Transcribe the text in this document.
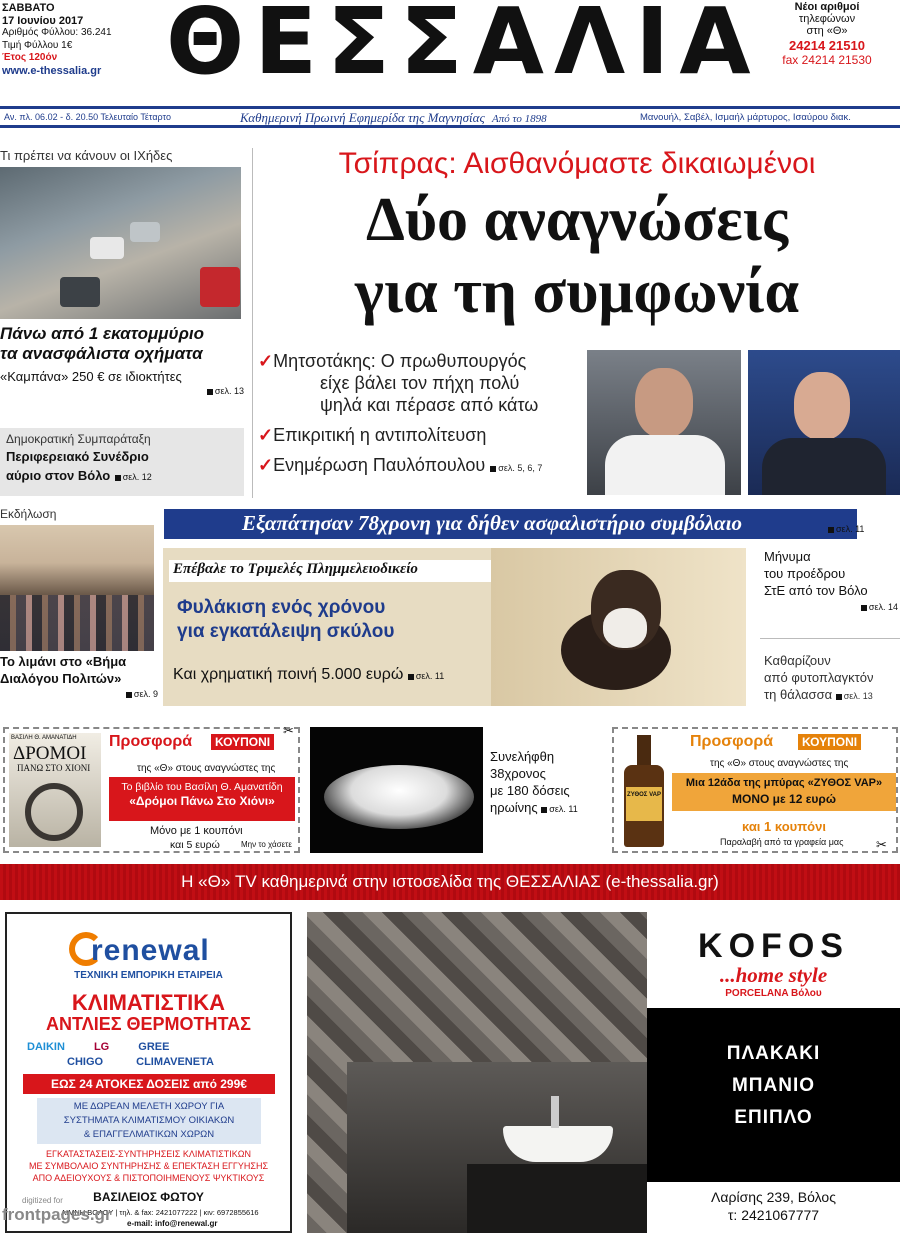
ΣΑΒΒΑΤΟ
17 Ιουνίου 2017
Αριθμός Φύλλου: 36.241
Τιμή Φύλλου 1€
Έτος 120όν
www.e-thessalia.gr ΘΕΣΣΑΛΙΑ	Νέοι αριθμοί
τηλεφώνων
στη «Θ»
24214 21510
fax 24214 21530
Αν. πλ. 06.02 - δ. 20.50 Τελευταίο Τέταρτο	Καθημερινή Πρωινή Εφημερίδα της Μαγνησίας Από το 1898	Μανουήλ, Σαβέλ, Ισμαήλ μάρτυρος, Ισαύρου διακ.
Τι πρέπει να κάνουν οι ΙΧήδες
Πάνω από 1 εκατομμύριο
τα ανασφάλιστα οχήματα
«Καμπάνα» 250 € σε ιδιοκτήτες
σελ. 13
Δημοκρατική Συμπαράταξη
Περιφερειακό Συνέδριο
αύριο στον Βόλο σελ. 12
Τσίπρας: Αισθανόμαστε δικαιωμένοι
Δύο αναγνώσεις
για τη συμφωνία
✓Μητσοτάκης: Ο πρωθυπουργός
είχε βάλει τον πήχη πολύ
ψηλά και πέρασε από κάτω
✓Επικριτική η αντιπολίτευση
✓Ενημέρωση Παυλόπουλου σελ. 5, 6, 7
Εκδήλωση
Το λιμάνι στο «Βήμα
Διαλόγου Πολιτών»
σελ. 9
Εξαπάτησαν 78χρονη για δήθεν ασφαλιστήριο συμβόλαιο	σελ. 11
Επέβαλε το Τριμελές Πλημμελειοδικείο
Φυλάκιση ενός χρόνου
για εγκατάλειψη σκύλου
Και χρηματική ποινή 5.000 ευρώ σελ. 11
Μήνυμα
του προέδρου
ΣτΕ από τον Βόλο
σελ. 14
Καθαρίζουν
από φυτοπλαγκτόν
τη θάλασσα σελ. 13
✂
ΒΑΣΙΛΗ Θ. ΑΜΑΝΑΤΙΔΗ
ΔΡΟΜΟΙ
ΠΑΝΩ ΣΤΟ ΧΙΟΝΙ
Προσφορά	ΚΟΥΠΟΝΙ
της «Θ» στους αναγνώστες της
Το βιβλίο του Βασίλη Θ. Αμανατίδη
«Δρόμοι Πάνω Στο Χιόνι»
Μόνο με 1 κουπόνι
και 5 ευρώ	Μην το χάσετε
Συνελήφθη
38χρονος
με 180 δόσεις
ηρωίνης σελ. 11
ΖΥΘΟΣ VAP
Προσφορά	ΚΟΥΠΟΝΙ
της «Θ» στους αναγνώστες της
Μια 12άδα της μπύρας «ΖΥΘΟΣ VAP»
ΜΟΝΟ με 12 ευρώ
και 1 κουπόνι
Παραλαβή από τα γραφεία μας	✂
Η «Θ» TV καθημερινά στην ιστοσελίδα της ΘΕΣΣΑΛΙΑΣ (e-thessalia.gr)
renewal
ΤΕΧΝΙΚΗ ΕΜΠΟΡΙΚΗ ΕΤΑΙΡΕΙΑ
ΚΛΙΜΑΤΙΣΤΙΚΑ
ΑΝΤΛΙΕΣ ΘΕΡΜΟΤΗΤΑΣ
DAIKIN	LG	GREE
CHIGO	CLIMAVENETA
ΕΩΣ 24 ΑΤΟΚΕΣ ΔΟΣΕΙΣ από 299€
ΜΕ ΔΩΡΕΑΝ ΜΕΛΕΤΗ ΧΩΡΟΥ ΓΙΑ
ΣΥΣΤΗΜΑΤΑ ΚΛΙΜΑΤΙΣΜΟΥ ΟΙΚΙΑΚΩΝ
& ΕΠΑΓΓΕΛΜΑΤΙΚΩΝ ΧΩΡΩΝ
ΕΓΚΑΤΑΣΤΑΣΕΙΣ-ΣΥΝΤΗΡΗΣΕΙΣ ΚΛΙΜΑΤΙΣΤΙΚΩΝ
ΜΕ ΣΥΜΒΟΛΑΙΟ ΣΥΝΤΗΡΗΣΗΣ & ΕΠΕΚΤΑΣΗ ΕΓΓΥΗΣΗΣ
ΑΠΟ ΑΔΕΙΟΥΧΟΥΣ & ΠΙΣΤΟΠΟΙΗΜΕΝΟΥΣ ΨΥΚΤΙΚΟΥΣ
ΒΑΣΙΛΕΙΟΣ ΦΩΤΟΥ
ΛΙΜΝΗ ΒΟΛΟΥ | τηλ. & fax: 2421077222 | κιν: 6972855616
e-mail: info@renewal.gr
digitized for
frontpages.gr
KOFOS
...home style
PORCELANA Βόλου
ΠΛΑΚΑΚΙ
ΜΠΑΝΙΟ
ΕΠΙΠΛΟ
Λαρίσης 239, Βόλος
τ: 2421067777
